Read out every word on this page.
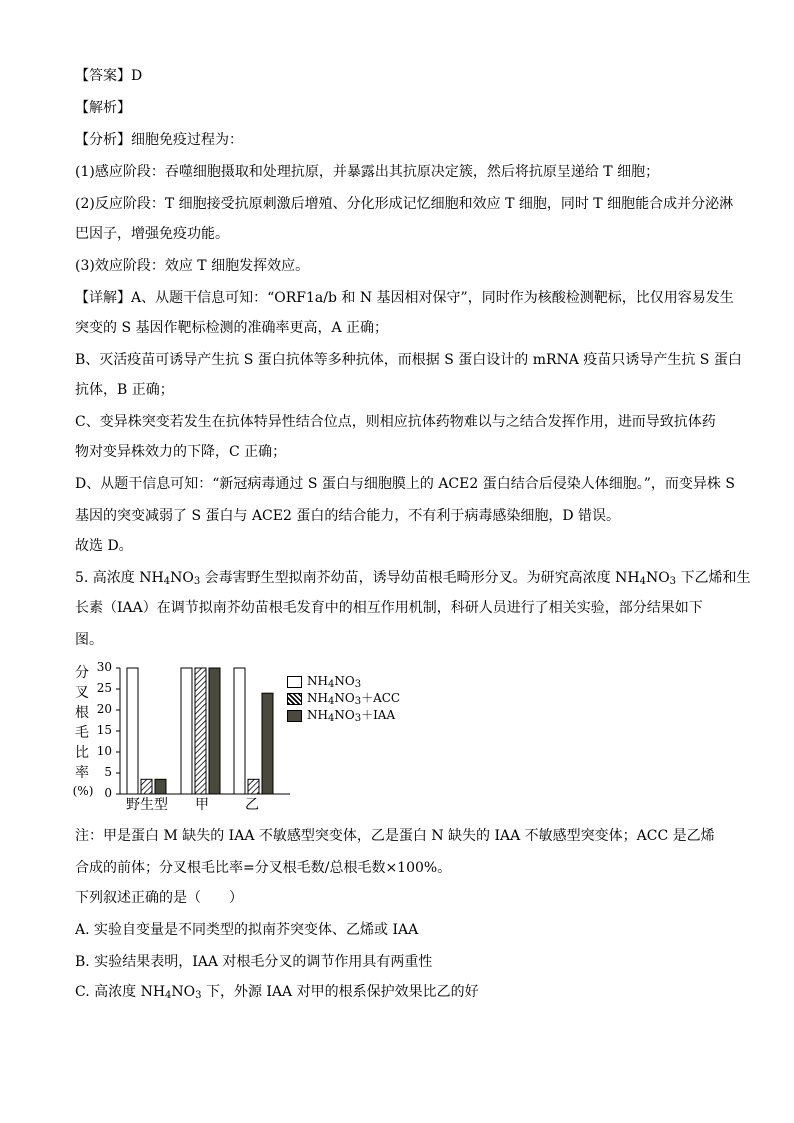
【答案】D
【解析】
【分析】细胞免疫过程为：
(1)感应阶段：吞噬细胞摄取和处理抗原，并暴露出其抗原决定簇，然后将抗原呈递给 T 细胞；
(2)反应阶段：T 细胞接受抗原刺激后增殖、分化形成记忆细胞和效应 T 细胞，同时 T 细胞能合成并分泌淋
巴因子，增强免疫功能。
(3)效应阶段：效应 T 细胞发挥效应。
【详解】A、从题干信息可知：“ORF1a/b 和 N 基因相对保守”，同时作为核酸检测靶标，比仅用容易发生
突变的 S 基因作靶标检测的准确率更高，A 正确；
B、灭活疫苗可诱导产生抗 S 蛋白抗体等多种抗体，而根据 S 蛋白设计的 mRNA 疫苗只诱导产生抗 S 蛋白
抗体，B 正确；
C、变异株突变若发生在抗体特异性结合位点，则相应抗体药物难以与之结合发挥作用，进而导致抗体药
物对变异株效力的下降，C 正确；
D、从题干信息可知：“新冠病毒通过 S 蛋白与细胞膜上的 ACE2 蛋白结合后侵染人体细胞。”，而变异株 S
基因的突变减弱了 S 蛋白与 ACE2 蛋白的结合能力，不有利于病毒感染细胞，D 错误。
故选 D。
5. 高浓度 $NH_4NO_3$ 会毒害野生型拟南芥幼苗，诱导幼苗根毛畸形分叉。为研究高浓度 $NH_4NO_3$ 下乙烯和生
长素（IAA）在调节拟南芥幼苗根毛发育中的相互作用机制，科研人员进行了相关实验，部分结果如下
图。
分
叉
根
毛
比
率
(%) 0
5
10
15
20
25
30
野生型	甲	乙
$NH_4NO_3$
$NH_4NO_3+ACC$
$NH_4NO_3+IAA$
注：甲是蛋白 M 缺失的 IAA 不敏感型突变体，乙是蛋白 N 缺失的 IAA 不敏感型突变体；ACC 是乙烯
合成的前体；分叉根毛比率=分叉根毛数/总根毛数×100%。
下列叙述正确的是（　　）
A. 实验自变量是不同类型的拟南芥突变体、乙烯或 IAA
B. 实验结果表明，IAA 对根毛分叉的调节作用具有两重性
C. 高浓度 $NH_4NO_3$ 下，外源 IAA 对甲的根系保护效果比乙的好
